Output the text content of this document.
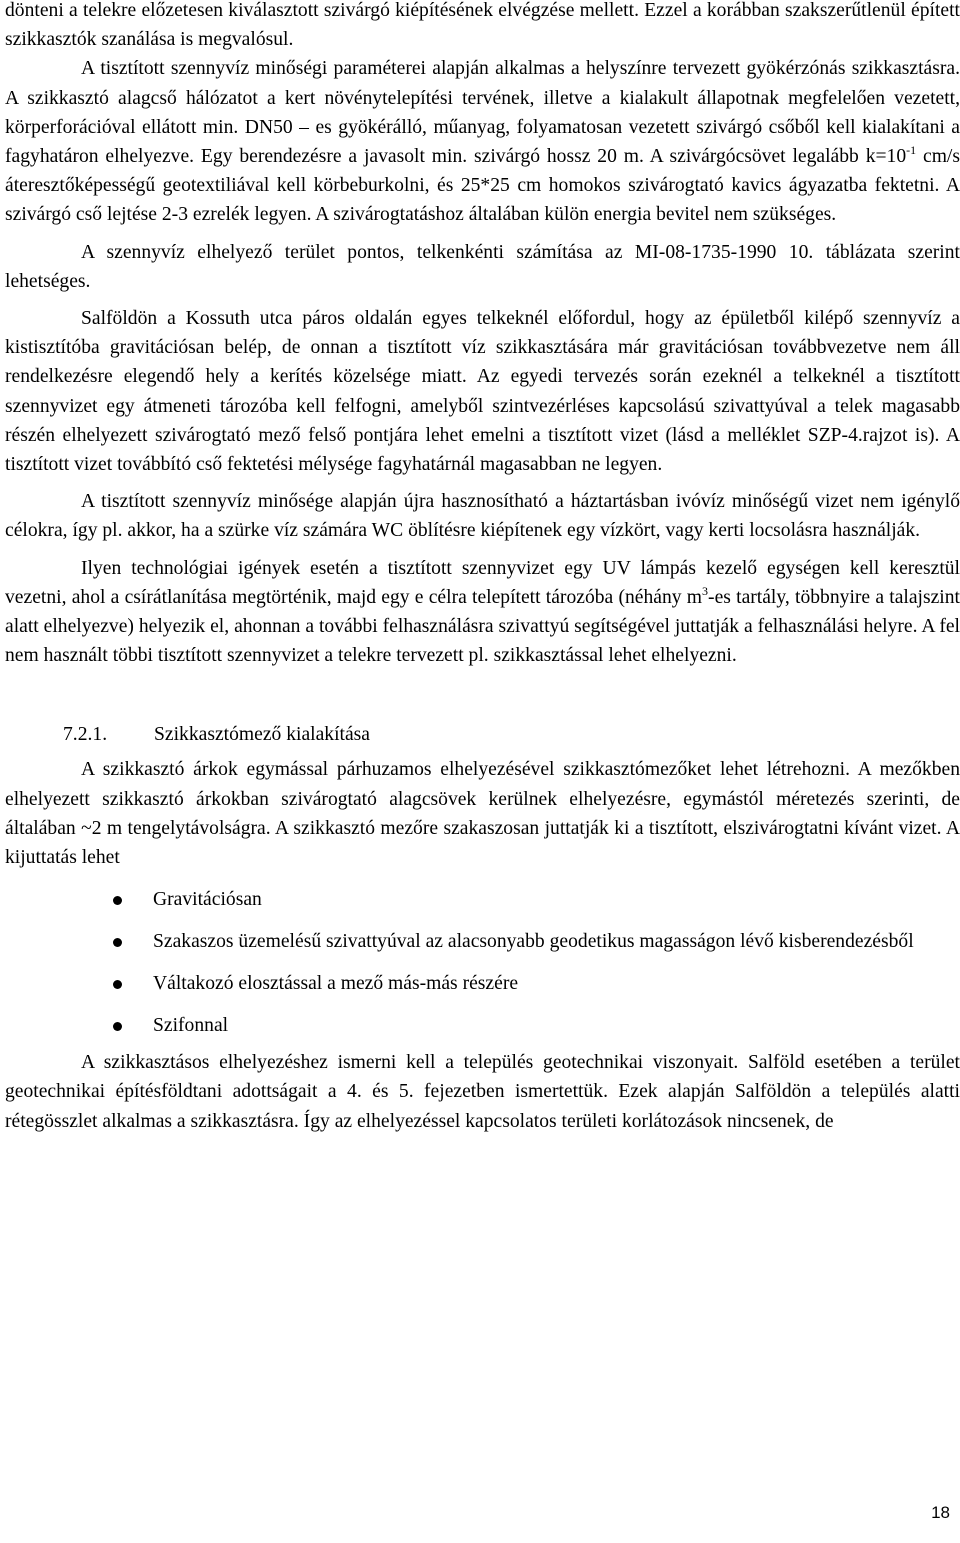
dönteni a telekre előzetesen kiválasztott szivárgó kiépítésének elvégzése mellett. Ezzel a korábban szakszerűtlenül épített szikkasztók szanálása is megvalósul.

A tisztított szennyvíz minőségi paraméterei alapján alkalmas a helyszínre tervezett gyökérzónás szikkasztásra. A szikkasztó alagcső hálózatot a kert növénytelepítési tervének, illetve a kialakult állapotnak megfelelően vezetett, körperforációval ellátott min. DN50 – es gyökérálló, műanyag, folyamatosan vezetett szivárgó csőből kell kialakítani a fagyhatáron elhelyezve. Egy berendezésre a javasolt min. szivárgó hossz 20 m. A szivárgócsövet legalább $k=10^{-1}$ cm/s áteresztőképességű geotextiliával kell körbeburkolni, és 25*25 cm homokos szivárogtató kavics ágyazatba fektetni. A szivárgó cső lejtése 2-3 ezrelék legyen. A szivárogtatáshoz általában külön energia bevitel nem szükséges.

A szennyvíz elhelyező terület pontos, telkenkénti számítása az MI-08-1735-1990 10. táblázata szerint lehetséges.

Salföldön a Kossuth utca páros oldalán egyes telkeknél előfordul, hogy az épületből kilépő szennyvíz a kistisztítóba gravitációsan belép, de onnan a tisztított víz szikkasztására már gravitációsan továbbvezetve nem áll rendelkezésre elegendő hely a kerítés közelsége miatt. Az egyedi tervezés során ezeknél a telkeknél a tisztított szennyvizet egy átmeneti tározóba kell felfogni, amelyből szintvezérléses kapcsolású szivattyúval a telek magasabb részén elhelyezett szivárogtató mező felső pontjára lehet emelni a tisztított vizet (lásd a melléklet SZP-4.rajzot is). A tisztított vizet továbbító cső fektetési mélysége fagyhatárnál magasabban ne legyen.

A tisztított szennyvíz minősége alapján újra hasznosítható a háztartásban ivóvíz minőségű vizet nem igénylő célokra, így pl. akkor, ha a szürke víz számára WC öblítésre kiépítenek egy vízkört, vagy kerti locsolásra használják.

Ilyen technológiai igények esetén a tisztított szennyvizet egy UV lámpás kezelő egységen kell keresztül vezetni, ahol a csírátlanítása megtörténik, majd egy e célra telepített tározóba (néhány $m^3-es$ tartály, többnyire a talajszint alatt elhelyezve) helyezik el, ahonnan a további felhasználásra szivattyú segítségével juttatják a felhasználási helyre. A fel nem használt többi tisztított szennyvizet a telekre tervezett pl. szikkasztással lehet elhelyezni.

7.2.1.	Szikkasztómező kialakítása

A szikkasztó árkok egymással párhuzamos elhelyezésével szikkasztómezőket lehet létrehozni. A mezőkben elhelyezett szikkasztó árkokban szivárogtató alagcsövek kerülnek elhelyezésre, egymástól méretezés szerinti, de általában ~2 m tengelytávolságra. A szikkasztó mezőre szakaszosan juttatják ki a tisztított, elszivárogtatni kívánt vizet. A kijuttatás lehet

Gravitációsan
Szakaszos üzemelésű szivattyúval az alacsonyabb geodetikus magasságon lévő kisberendezésből
Váltakozó elosztással a mező más-más részére
Szifonnal

A szikkasztásos elhelyezéshez ismerni kell a település geotechnikai viszonyait. Salföld esetében a terület geotechnikai építésföldtani adottságait a 4. és 5. fejezetben ismertettük. Ezek alapján Salföldön a település alatti rétegösszlet alkalmas a szikkasztásra. Így az elhelyezéssel kapcsolatos területi korlátozások nincsenek, de

18
